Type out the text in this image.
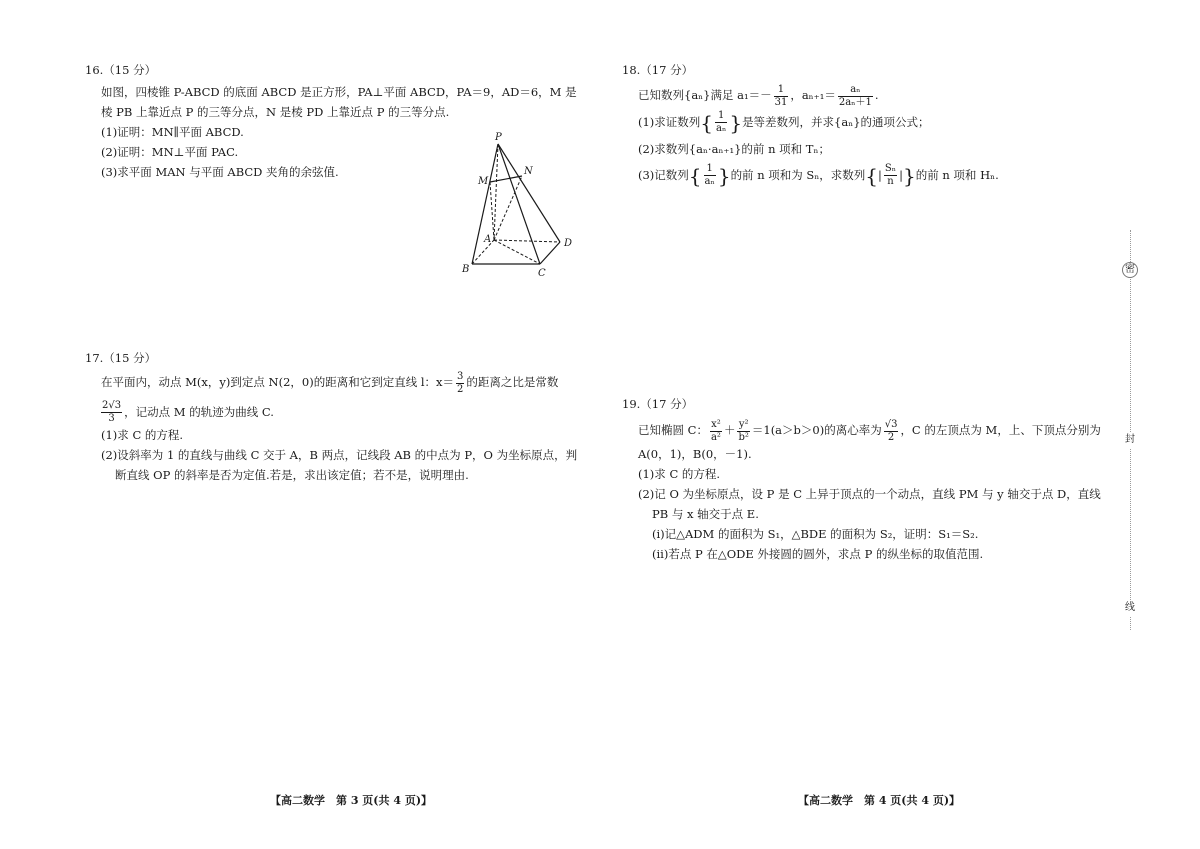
16.（15 分）

如图，四棱锥 P-ABCD 的底面 ABCD 是正方形，PA⊥平面 ABCD，PA＝9，AD＝6，M 是

棱 PB 上靠近点 P 的三等分点，N 是棱 PD 上靠近点 P 的三等分点.

(1)证明：MN∥平面 ABCD.

(2)证明：MN⊥平面 PAC.

(3)求平面 MAN 与平面 ABCD 夹角的余弦值.

P
M
N
A
B	C
D
17.（15 分）

在平面内，动点 M(x，y)到定点 N(2，0)的距离和它到定直线 l：$x= \frac{3}{2}$ 的距离之比是常数

$\frac{2√3}{3}$ ，记动点 M 的轨迹为曲线 C.

(1)求 C 的方程.

(2)设斜率为 1 的直线与曲线 C 交于 A，B 两点，记线段 AB 的中点为 P，O 为坐标原点，判

断直线 OP 的斜率是否为定值.若是，求出该定值；若不是，说明理由.

【高二数学　第 3 页(共 4 页)】
18.（17 分）

已知数列{aₙ}满足 $a_1=- \frac{1}{31}$ ，$a_{n+1}= \frac{\text{aₙ}}{\text{2aₙ＋1}}$ .

(1)求证数列{ $\frac{1}{\text{aₙ}}$ }是等差数列，并求{aₙ}的通项公式；

(2)求数列{aₙ·aₙ₊₁}的前 n 项和 Tₙ；

(3)记数列{ $\frac{1}{\text{aₙ}}$ }的前 n 项和为 Sₙ，求数列{| $\frac{\text{Sₙ}}{n}$ |}的前 n 项和 Hₙ.

19.（17 分）

已知椭圆 C： $\frac{\text{x²}}{\text{a²}} + \frac{\text{y²}}{\text{b²}} =1(a>b>0)$的离心率为 $\frac{√3}{2}$ ，C 的左顶点为 M，上、下顶点分别为

A(0，1)，B(0，－1).

(1)求 C 的方程.

(2)记 O 为坐标原点，设 P 是 C 上异于顶点的一个动点，直线 PM 与 y 轴交于点 D，直线

PB 与 x 轴交于点 E.

(ⅰ)记△ADM 的面积为 S₁，△BDE 的面积为 S₂，证明：S₁＝S₂.

(ⅱ)若点 P 在△ODE 外接圆的圆外，求点 P 的纵坐标的取值范围.

【高二数学　第 4 页(共 4 页)】
密
封
线
